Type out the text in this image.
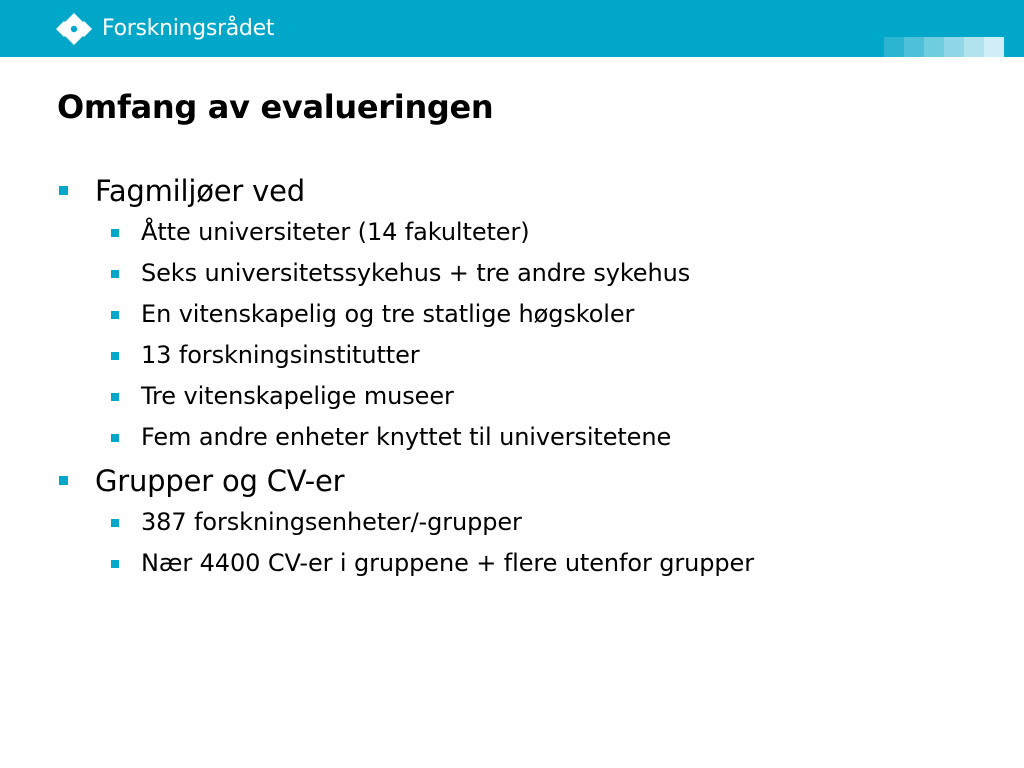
Forskningsrådet
Omfang av evalueringen
Fagmiljøer ved
Åtte universiteter (14 fakulteter)
Seks universitetssykehus + tre andre sykehus
En vitenskapelig og tre statlige høgskoler
13 forskningsinstitutter
Tre vitenskapelige museer
Fem andre enheter knyttet til universitetene
Grupper og CV-er
387 forskningsenheter/-grupper
Nær 4400 CV-er i gruppene + flere utenfor grupper
